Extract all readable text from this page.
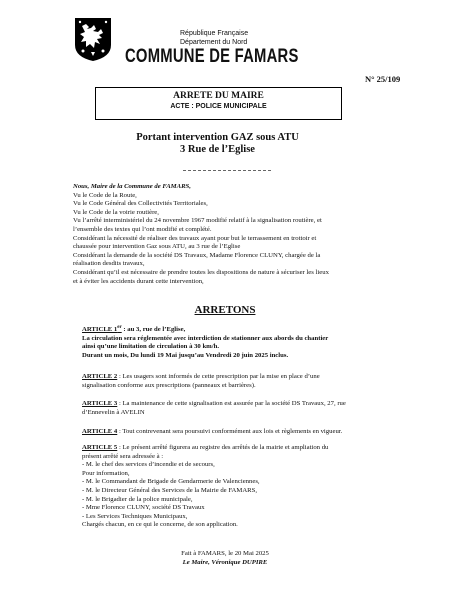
République Française
Département du Nord
COMMUNE DE FAMARS
N° 25/109
ARRETE DU MAIRE
ACTE : POLICE MUNICIPALE
Portant intervention GAZ sous ATU
3 Rue de l’Eglise
Nous, Maire de la Commune de FAMARS,
Vu le Code de la Route,
Vu le Code Général des Collectivités Territoriales,
Vu le Code de la voirie routière,
Vu l’arrêté interministériel du 24 novembre 1967 modifié relatif à la signalisation routière, et
l’ensemble des textes qui l’ont modifié et complété.
Considérant la nécessité de réaliser des travaux ayant pour but le terrassement en trottoir et
chaussée pour intervention Gaz sous ATU, au 3 rue de l’Eglise
Considérant la demande de la société DS Travaux, Madame Florence CLUNY, chargée de la
réalisation desdits travaux,
Considérant qu’il est nécessaire de prendre toutes les dispositions de nature à sécuriser les lieux
et à éviter les accidents durant cette intervention,
ARRETONS
ARTICLE 1er : au 3, rue de l’Eglise,
La circulation sera réglementée avec interdiction de stationner aux abords du chantier
ainsi qu’une limitation de circulation à 30 km/h.
Durant un mois, Du lundi 19 Mai jusqu’au Vendredi 20 juin 2025 inclus.
ARTICLE 2 : Les usagers sont informés de cette prescription par la mise en place d’une
signalisation conforme aux prescriptions (panneaux et barrières).
ARTICLE 3 : La maintenance de cette signalisation est assurée par la société DS Travaux, 27, rue
d’Ennevelin à AVELIN
ARTICLE 4 : Tout contrevenant sera poursuivi conformément aux lois et règlements en vigueur.
ARTICLE 5 : Le présent arrêté figurera au registre des arrêtés de la mairie et ampliation du
présent arrêté sera adressée à :
- M. le chef des services d’incendie et de secours,
Pour information,
- M. le Commandant de Brigade de Gendarmerie de Valenciennes,
- M. le Directeur Général des Services de la Mairie de FAMARS,
- M. le Brigadier de la police municipale,
- Mme Florence CLUNY, société DS Travaux
- Les Services Techniques Municipaux,
Chargés chacun, en ce qui le concerne, de son application.
Fait à FAMARS, le 20 Mai 2025
Le Maire, Véronique DUPIRE
